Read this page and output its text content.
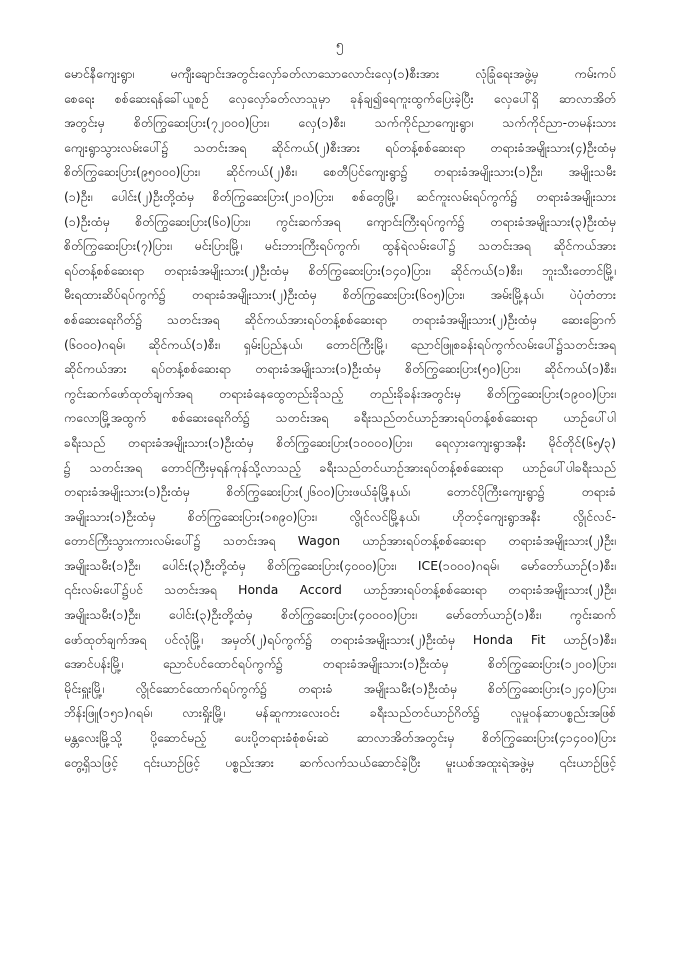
၅
မောင်နီကျေးရွာ၊ မကျီးချောင်းအတွင်းလှော်ခတ်လာသောလောင်းလှေ(၁)စီးအား လုံခြုံရေးအဖွဲ့မှ ကမ်းကပ်
စေရေး စစ်ဆေးရန်ခေါ်ယူစဉ် လှေလှော်ခတ်လာသူမှာ ခုန်ချ၍ရေကူးထွက်ပြေးခဲ့ပြီး လှေပေါ်ရှိ ဆာလာအိတ်
အတွင်းမှ စိတ်ကြွဆေးပြား(၇၂၀၀၀)ပြား၊ လှေ(၁)စီး၊ သက်ကိုင်ညာကျေးရွာ၊ သက်ကိုင်ညာ-တမန်းသား
ကျေးရွာသွားလမ်းပေါ်၌ သတင်းအရ ဆိုင်ကယ်(၂)စီးအား ရပ်တန့်စစ်ဆေးရာ တရားခံအမျိုးသား(၄)ဦးထံမှ
စိတ်ကြွဆေးပြား(၉၅၀၀၀)ပြား၊ ဆိုင်ကယ်(၂)စီး၊ စေတီပြင်ကျေးရွာ၌ တရားခံအမျိုးသား(၁)ဦး၊ အမျိုးသမီး
(၁)ဦး၊ ပေါင်း(၂)ဦးတို့ထံမှ စိတ်ကြွဆေးပြား(၂၁၀)ပြား၊ စစ်တွေမြို့၊ ဆင်ကူးလမ်းရပ်ကွက်၌ တရားခံအမျိုးသား
(၁)ဦးထံမှ စိတ်ကြွဆေးပြား(၆၀)ပြား၊ ကွင်းဆက်အရ ကျောင်းကြီးရပ်ကွက်၌ တရားခံအမျိုးသား(၃)ဦးထံမှ
စိတ်ကြွဆေးပြား(၇)ပြား၊ မင်းပြားမြို့၊ မင်းဘားကြီးရပ်ကွက်၊ ထွန်ရဲလမ်းပေါ်၌ သတင်းအရ ဆိုင်ကယ်အား
ရပ်တန့်စစ်ဆေးရာ တရားခံအမျိုးသား(၂)ဦးထံမှ စိတ်ကြွဆေးပြား(၁၄၀)ပြား၊ ဆိုင်ကယ်(၁)စီး၊ ဘူးသီးတောင်မြို့၊
မီးရထားဆိပ်ရပ်ကွက်၌ တရားခံအမျိုးသား(၂)ဦးထံမှ စိတ်ကြွဆေးပြား(၆၀၅)ပြား၊ အမ်းမြို့နယ်၊ ပဲပုံတံတား
စစ်ဆေးရေးဂိတ်၌ သတင်းအရ ဆိုင်ကယ်အားရပ်တန့်စစ်ဆေးရာ တရားခံအမျိုးသား(၂)ဦးထံမှ ဆေးခြောက်
(၆၀၀၀)ဂရမ်၊ ဆိုင်ကယ်(၁)စီး၊ ရှမ်းပြည်နယ်၊ တောင်ကြီးမြို့၊ ညောင်ဖြူစခန်းရပ်ကွက်လမ်းပေါ်၌သတင်းအရ
ဆိုင်ကယ်အား ရပ်တန့်စစ်ဆေးရာ တရားခံအမျိုးသား(၁)ဦးထံမှ စိတ်ကြွဆေးပြား(၅၀)ပြား၊ ဆိုင်ကယ်(၁)စီး၊
ကွင်းဆက်ဖော်ထုတ်ချက်အရ တရားခံနေထွေတည်းခိုသည့် တည်းခိုခန်းအတွင်းမှ စိတ်ကြွဆေးပြား(၁၉၀၀)ပြား၊
ကလောမြို့အထွက် စစ်ဆေးရေးဂိတ်၌ သတင်းအရ ခရီးသည်တင်ယာဉ်အားရပ်တန့်စစ်ဆေးရာ ယာဉ်ပေါ်ပါ
ခရီးသည် တရားခံအမျိုးသား(၁)ဦးထံမှ စိတ်ကြွဆေးပြား(၁၀၀၀၀)ပြား၊ ရေလှားကျေးရွာအနီး မိုင်တိုင်(၆၅/၃)
၌ သတင်းအရ တောင်ကြီးမှရန်ကုန်သို့လာသည့် ခရီးသည်တင်ယာဉ်အားရပ်တန့်စစ်ဆေးရာ ယာဉ်ပေါ်ပါခရီးသည်
တရားခံအမျိုးသား(၁)ဦးထံမှ စိတ်ကြွဆေးပြား(၂၆၀၀)ပြားဖယ်ခုံမြို့နယ်၊ တောင်ပိုကြီးကျေးရွာ၌ တရားခံ
အမျိုးသား(၁)ဦးထံမှ စိတ်ကြွဆေးပြား(၁၈၉၀)ပြား၊ လွိုင်လင်မြို့နယ်၊ ဟိုတင့်ကျေးရွာအနီး လွိုင်လင်-
တောင်ကြီးသွားကားလမ်းပေါ်၌ သတင်းအရ Wagon ယာဉ်အားရပ်တန့်စစ်ဆေးရာ တရားခံအမျိုးသား(၂)ဦး၊
အမျိုးသမီး(၁)ဦး၊ ပေါင်း(၃)ဦးတို့ထံမှ စိတ်ကြွဆေးပြား(၄၀၀၀)ပြား၊ ICE(၁၀၀၀)ဂရမ်၊ မော်တော်ယာဉ်(၁)စီး၊
၎င်းလမ်းပေါ်၌ပင် သတင်းအရ Honda Accord ယာဉ်အားရပ်တန့်စစ်ဆေးရာ တရားခံအမျိုးသား(၂)ဦး၊
အမျိုးသမီး(၁)ဦး၊ ပေါင်း(၃)ဦးတို့ထံမှ စိတ်ကြွဆေးပြား(၄၀၀၀၀)ပြား၊ မော်တော်ယာဉ်(၁)စီး၊ ကွင်းဆက်
ဖော်ထုတ်ချက်အရ ပင်လုံမြို့၊ အမှတ်(၂)ရပ်ကွက်၌ တရားခံအမျိုးသား(၂)ဦးထံမှ Honda Fit ယာဉ်(၁)စီး၊
အောင်ပန်းမြို့၊ ညောင်ပင်ထောင်ရပ်ကွက်၌ တရားခံအမျိုးသား(၁)ဦးထံမှ စိတ်ကြွဆေးပြား(၁၂၀၀)ပြား၊
မိုင်းရှူးမြို့၊ လွိုင်ဆောင်ထောက်ရပ်ကွက်၌ တရားခံ အမျိုးသမီး(၁)ဦးထံမှ စိတ်ကြွဆေးပြား(၁၂၄၀)ပြား၊
ဘိန်းဖြူ(၁၅၁)ဂရမ်၊ လားရှိုးမြို့၊ မန်ဆူကားလေးဝင်း ခရီးသည်တင်ယာဉ်ဂိတ်၌ လူမှုဝန်ဆာပစ္စည်းအဖြစ်
မန္တလေးမြို့သို့ ပို့ဆောင်မည့် ပေးပို့တရားခံစုံစမ်းဆဲ ဆာလာအိတ်အတွင်းမှ စိတ်ကြွဆေးပြား(၄၁၄၀၀)ပြား
တွေ့ရှိသဖြင့် ၎င်းယာဉ်ဖြင့် ပစ္စည်းအား ဆက်လက်သယ်ဆောင်ခဲ့ပြီး မူးယစ်အထူးရဲအဖွဲ့မှ ၎င်းယာဉ်ဖြင့်
